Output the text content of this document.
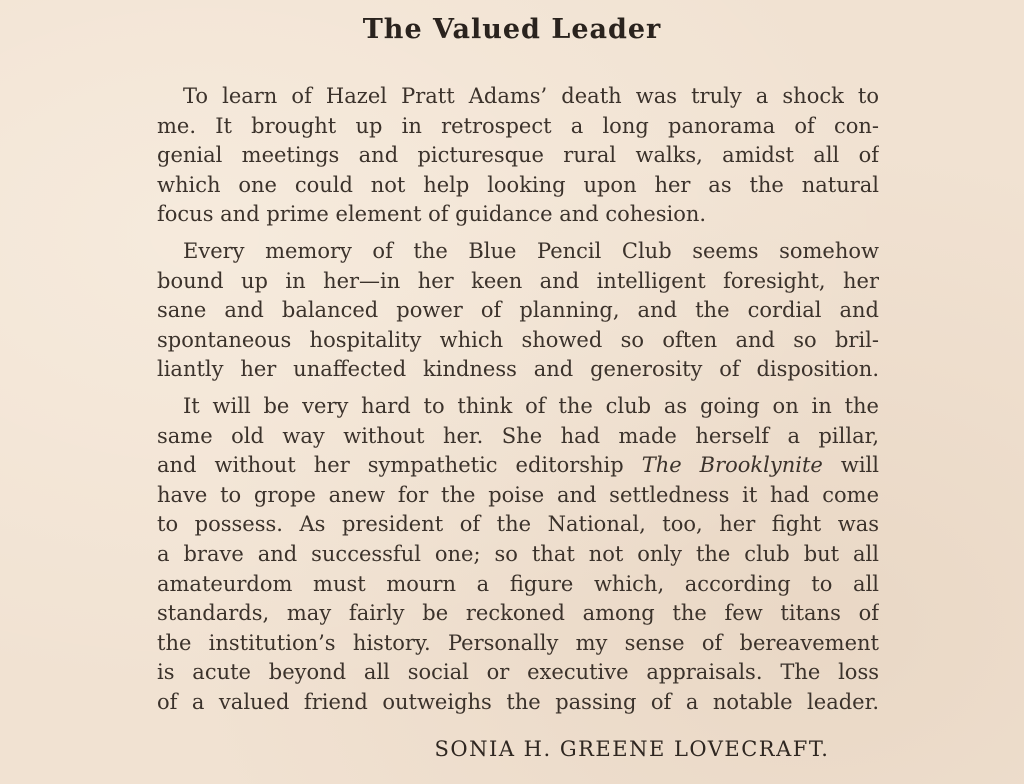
The Valued Leader
To learn of Hazel Pratt Adams’ death was truly a shock to
me. It brought up in retrospect a long panorama of con-
genial meetings and picturesque rural walks, amidst all of
which one could not help looking upon her as the natural
focus and prime element of guidance and cohesion.
Every memory of the Blue Pencil Club seems somehow
bound up in her—in her keen and intelligent foresight, her
sane and balanced power of planning, and the cordial and
spontaneous hospitality which showed so often and so bril-
liantly her unaffected kindness and generosity of disposition.
It will be very hard to think of the club as going on in the
same old way without her. She had made herself a pillar,
and without her sympathetic editorship The Brooklynite will
have to grope anew for the poise and settledness it had come
to possess. As president of the National, too, her fight was
a brave and successful one; so that not only the club but all
amateurdom must mourn a figure which, according to all
standards, may fairly be reckoned among the few titans of
the institution’s history. Personally my sense of bereavement
is acute beyond all social or executive appraisals. The loss
of a valued friend outweighs the passing of a notable leader.
SONIA H. GREENE LOVECRAFT.
